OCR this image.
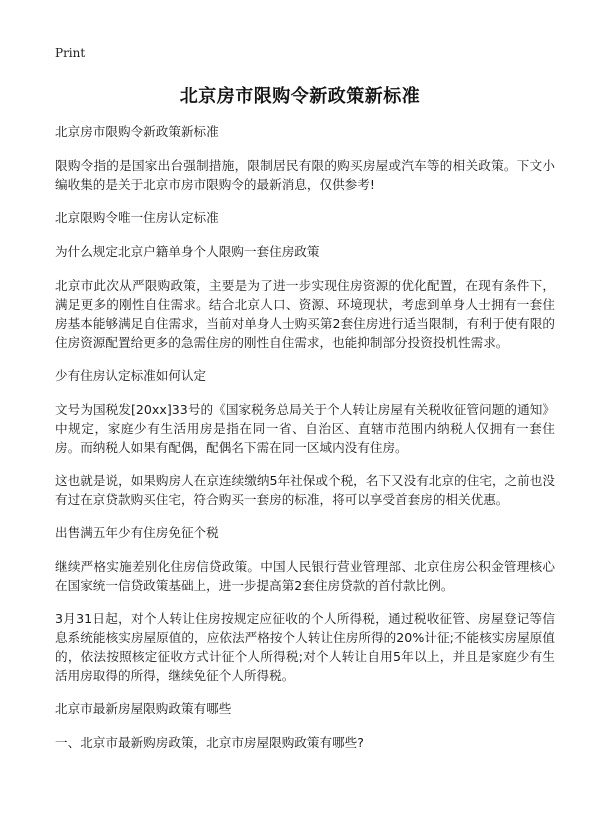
Print
北京房市限购令新政策新标准
北京房市限购令新政策新标准
限购令指的是国家出台强制措施，限制居民有限的购买房屋或汽车等的相关政策。下文小编收集的是关于北京市房市限购令的最新消息，仅供参考!
北京限购令唯一住房认定标准
为什么规定北京户籍单身个人限购一套住房政策
北京市此次从严限购政策，主要是为了进一步实现住房资源的优化配置，在现有条件下，满足更多的刚性自住需求。结合北京人口、资源、环境现状，考虑到单身人士拥有一套住房基本能够满足自住需求，当前对单身人士购买第2套住房进行适当限制，有利于使有限的住房资源配置给更多的急需住房的刚性自住需求，也能抑制部分投资投机性需求。
少有住房认定标准如何认定
文号为国税发[20xx]33号的《国家税务总局关于个人转让房屋有关税收征管问题的通知》中规定，家庭少有生活用房是指在同一省、自治区、直辖市范围内纳税人仅拥有一套住房。而纳税人如果有配偶，配偶名下需在同一区域内没有住房。
这也就是说，如果购房人在京连续缴纳5年社保或个税，名下又没有北京的住宅，之前也没有过在京贷款购买住宅，符合购买一套房的标准，将可以享受首套房的相关优惠。
出售满五年少有住房免征个税
继续严格实施差别化住房信贷政策。中国人民银行营业管理部、北京住房公积金管理核心在国家统一信贷政策基础上，进一步提高第2套住房贷款的首付款比例。
3月31日起，对个人转让住房按规定应征收的个人所得税，通过税收征管、房屋登记等信息系统能核实房屋原值的，应依法严格按个人转让住房所得的20%计征;不能核实房屋原值的，依法按照核定征收方式计征个人所得税;对个人转让自用5年以上，并且是家庭少有生活用房取得的所得，继续免征个人所得税。
北京市最新房屋限购政策有哪些
一、北京市最新购房政策，北京市房屋限购政策有哪些?
